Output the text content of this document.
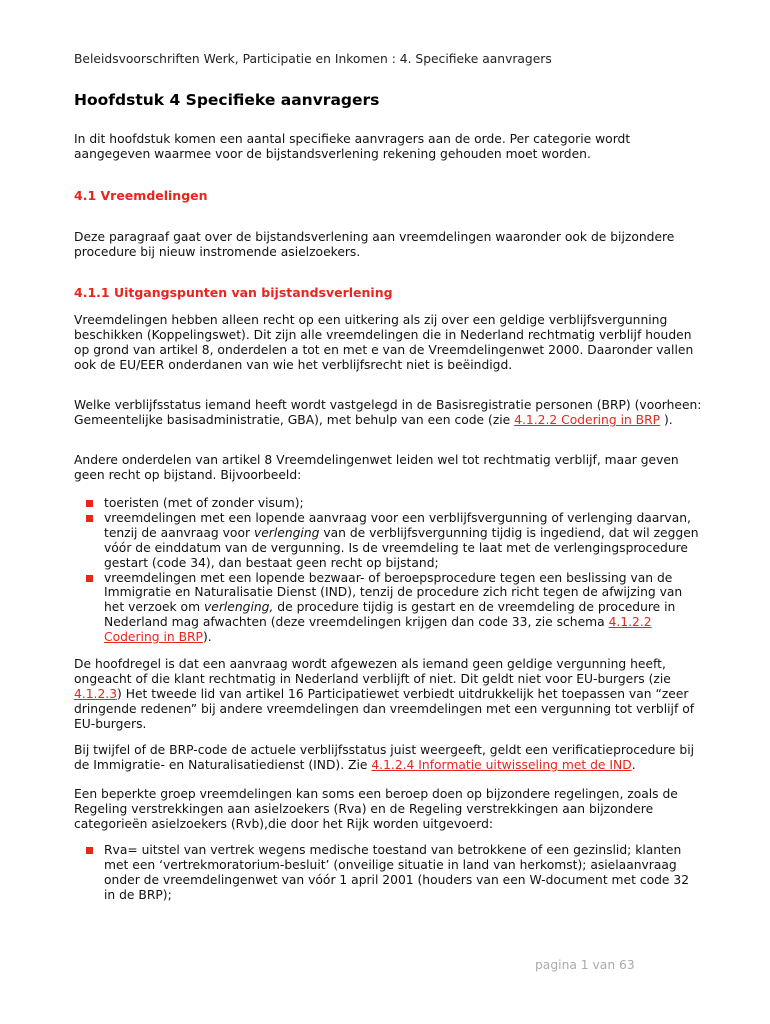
Beleidsvoorschriften Werk, Participatie en Inkomen : 4. Specifieke aanvragers
Hoofdstuk 4 Specifieke aanvragers

In dit hoofdstuk komen een aantal specifieke aanvragers aan de orde. Per categorie wordt aangegeven waarmee voor de bijstandsverlening rekening gehouden moet worden.

4.1 Vreemdelingen

Deze paragraaf gaat over de bijstandsverlening aan vreemdelingen waaronder ook de bijzondere procedure bij nieuw instromende asielzoekers.

4.1.1 Uitgangspunten van bijstandsverlening

Vreemdelingen hebben alleen recht op een uitkering als zij over een geldige verblijfsvergunning beschikken (Koppelingswet). Dit zijn alle vreemdelingen die in Nederland rechtmatig verblijf houden op grond van artikel 8, onderdelen a tot en met e van de Vreemdelingenwet 2000. Daaronder vallen ook de EU/EER onderdanen van wie het verblijfsrecht niet is beëindigd.

Welke verblijfsstatus iemand heeft wordt vastgelegd in de Basisregistratie personen (BRP) (voorheen: Gemeentelijke basisadministratie, GBA), met behulp van een code (zie 4.1.2.2 Codering in BRP ).

Andere onderdelen van artikel 8 Vreemdelingenwet leiden wel tot rechtmatig verblijf, maar geven geen recht op bijstand. Bijvoorbeeld:

toeristen (met of zonder visum);
vreemdelingen met een lopende aanvraag voor een verblijfsvergunning of verlenging daarvan, tenzij de aanvraag voor verlenging van de verblijfsvergunning tijdig is ingediend, dat wil zeggen vóór de einddatum van de vergunning. Is de vreemdeling te laat met de verlengingsprocedure gestart (code 34), dan bestaat geen recht op bijstand;
vreemdelingen met een lopende bezwaar- of beroepsprocedure tegen een beslissing van de Immigratie en Naturalisatie Dienst (IND), tenzij de procedure zich richt tegen de afwijzing van het verzoek om verlenging, de procedure tijdig is gestart en de vreemdeling de procedure in Nederland mag afwachten (deze vreemdelingen krijgen dan code 33, zie schema 4.1.2.2 Codering in BRP).

De hoofdregel is dat een aanvraag wordt afgewezen als iemand geen geldige vergunning heeft, ongeacht of die klant rechtmatig in Nederland verblijft of niet. Dit geldt niet voor EU-burgers (zie 4.1.2.3) Het tweede lid van artikel 16 Participatiewet verbiedt uitdrukkelijk het toepassen van “zeer dringende redenen” bij andere vreemdelingen dan vreemdelingen met een vergunning tot verblijf of EU-burgers.

Bij twijfel of de BRP-code de actuele verblijfsstatus juist weergeeft, geldt een verificatieprocedure bij de Immigratie- en Naturalisatiedienst (IND). Zie 4.1.2.4 Informatie uitwisseling met de IND.

Een beperkte groep vreemdelingen kan soms een beroep doen op bijzondere regelingen, zoals de Regeling verstrekkingen aan asielzoekers (Rva) en de Regeling verstrekkingen aan bijzondere categorieën asielzoekers (Rvb),die door het Rijk worden uitgevoerd:

Rva= uitstel van vertrek wegens medische toestand van betrokkene of een gezinslid; klanten met een ‘vertrekmoratorium-besluit’ (onveilige situatie in land van herkomst); asielaanvraag onder de vreemdelingenwet van vóór 1 april 2001 (houders van een W-document met code 32 in de BRP);
pagina 1 van 63
